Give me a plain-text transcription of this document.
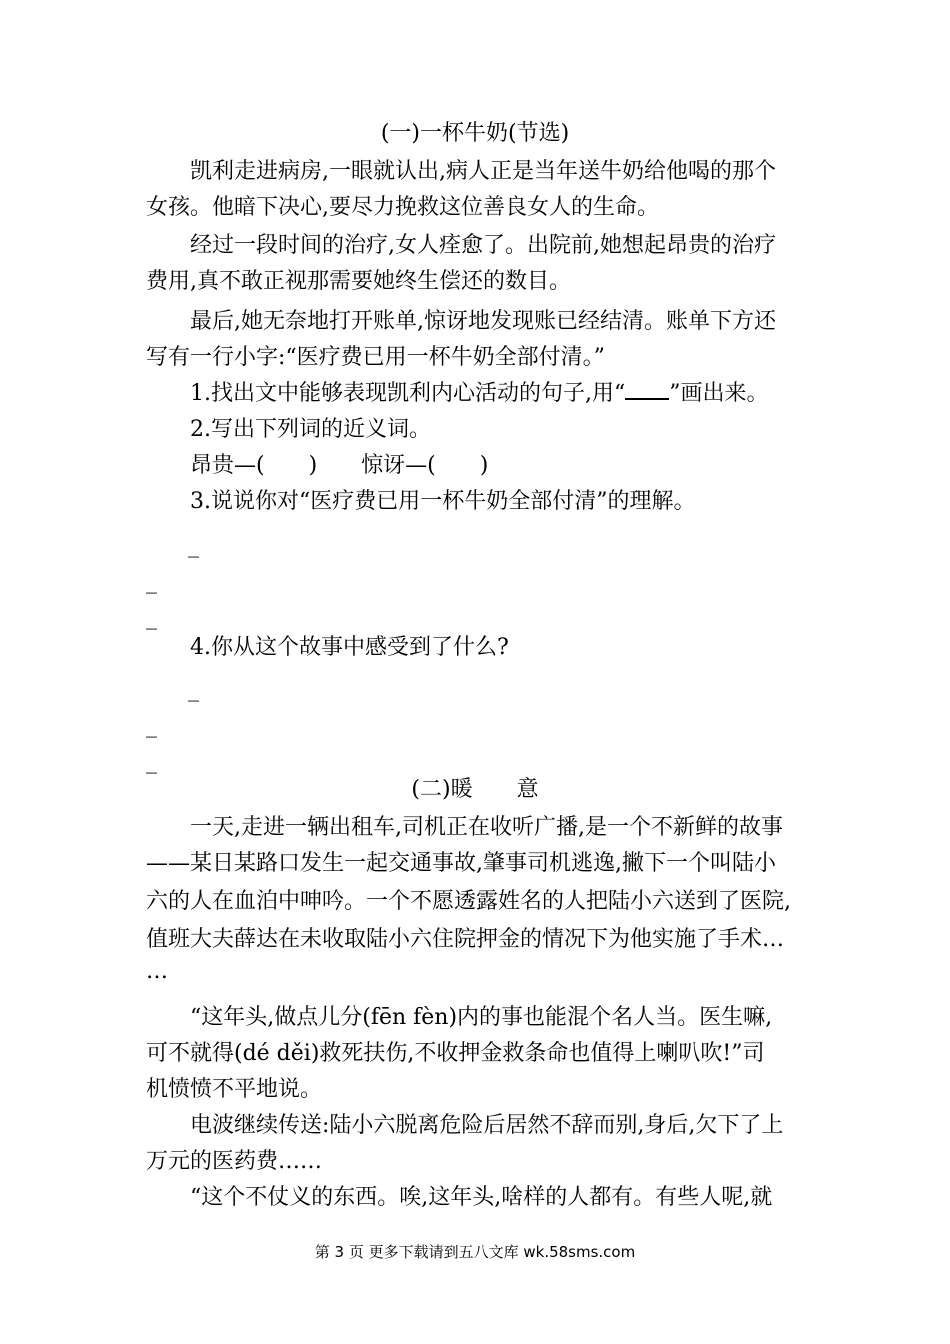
(一)一杯牛奶(节选)
凯利走进病房,一眼就认出,病人正是当年送牛奶给他喝的那个
女孩。他暗下决心,要尽力挽救这位善良女人的生命。
经过一段时间的治疗,女人痊愈了。出院前,她想起昂贵的治疗
费用,真不敢正视那需要她终生偿还的数目。
最后,她无奈地打开账单,惊讶地发现账已经结清。账单下方还
写有一行小字:“医疗费已用一杯牛奶全部付清。”
1.找出文中能够表现凯利内心活动的句子,用“ ”画出来。
2.写出下列词的近义词。
昂贵—(　　)　　惊讶—(　　)
3.说说你对“医疗费已用一杯牛奶全部付清”的理解。
_
_
_
4.你从这个故事中感受到了什么?
_
_
_
(二)暖　　意
一天,走进一辆出租车,司机正在收听广播,是一个不新鲜的故事
——某日某路口发生一起交通事故,肇事司机逃逸,撇下一个叫陆小
六的人在血泊中呻吟。一个不愿透露姓名的人把陆小六送到了医院,
值班大夫薛达在未收取陆小六住院押金的情况下为他实施了手术…
…
“这年头,做点儿分(fēn fèn)内的事也能混个名人当。医生嘛,
可不就得(dé děi)救死扶伤,不收押金救条命也值得上喇叭吹!”司
机愤愤不平地说。
电波继续传送:陆小六脱离危险后居然不辞而别,身后,欠下了上
万元的医药费……
“这个不仗义的东西。唉,这年头,啥样的人都有。有些人呢,就
第 3 页 更多下载请到五八文库 wk.58sms.com
